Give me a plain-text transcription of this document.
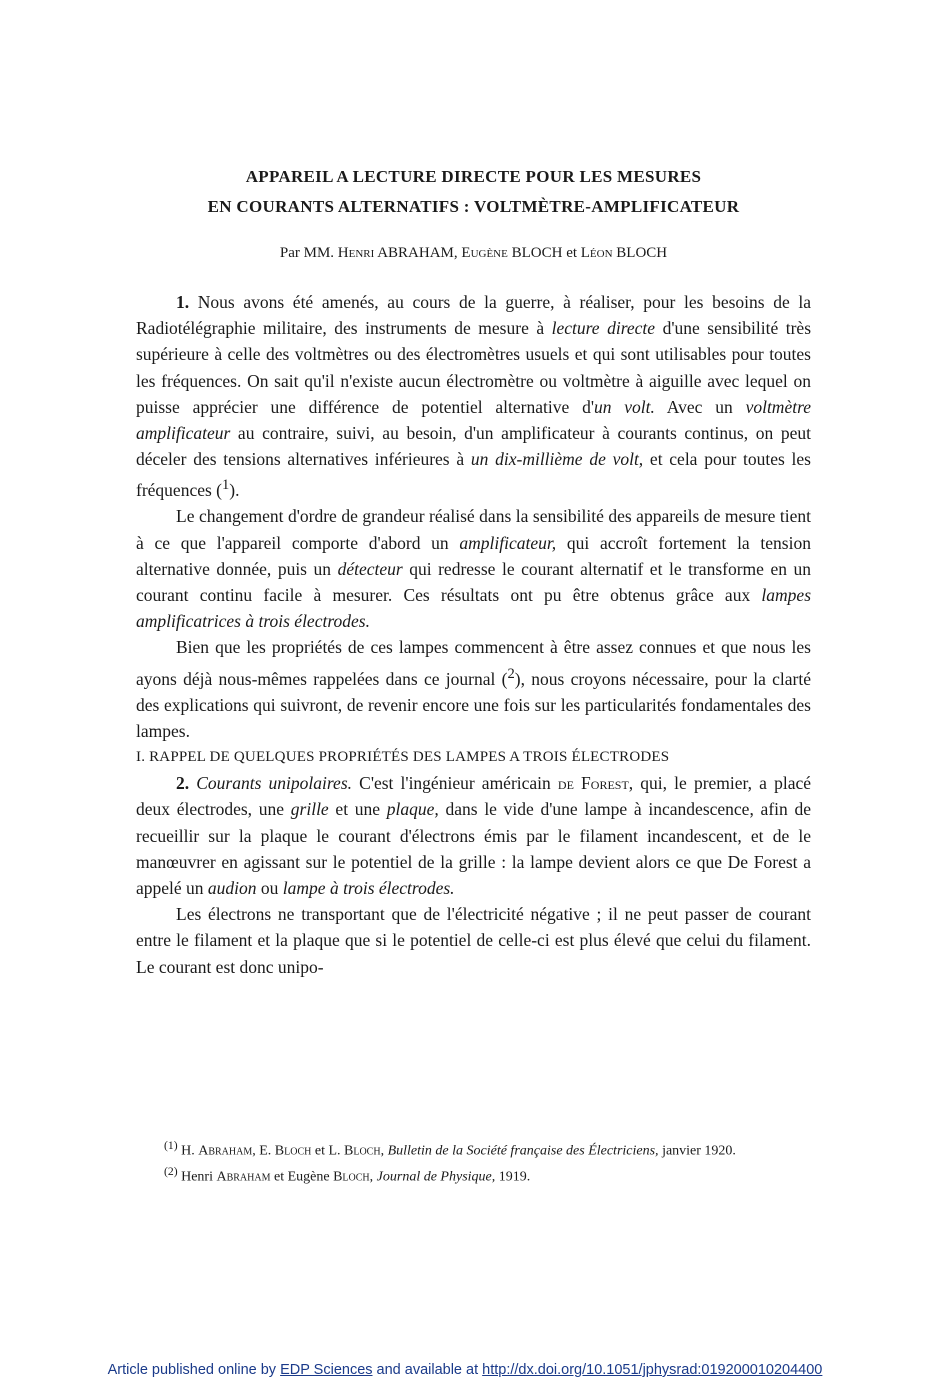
APPAREIL A LECTURE DIRECTE POUR LES MESURES
EN COURANTS ALTERNATIFS : VOLTMÈTRE-AMPLIFICATEUR
Par MM. Henri ABRAHAM, Eugène BLOCH et Léon BLOCH

1. Nous avons été amenés, au cours de la guerre, à réaliser, pour les besoins de la Radiotélégraphie militaire, des instruments de mesure à lecture directe d'une sensibilité très supérieure à celle des voltmètres ou des électromètres usuels et qui sont utilisables pour toutes les fréquences. On sait qu'il n'existe aucun électromètre ou voltmètre à aiguille avec lequel on puisse apprécier une différence de potentiel alternative d'un volt. Avec un voltmètre amplificateur au contraire, suivi, au besoin, d'un amplificateur à courants continus, on peut déceler des tensions alternatives inférieures à un dix-millième de volt, et cela pour toutes les fréquences ($^1$).

Le changement d'ordre de grandeur réalisé dans la sensibilité des appareils de mesure tient à ce que l'appareil comporte d'abord un amplificateur, qui accroît fortement la tension alternative donnée, puis un détecteur qui redresse le courant alternatif et le transforme en un courant continu facile à mesurer. Ces résultats ont pu être obtenus grâce aux lampes amplificatrices à trois électrodes.

Bien que les propriétés de ces lampes commencent à être assez connues et que nous les ayons déjà nous-mêmes rappelées dans ce journal ($^2$), nous croyons nécessaire, pour la clarté des explications qui suivront, de revenir encore une fois sur les particularités fondamentales des lampes.

I. RAPPEL DE QUELQUES PROPRIÉTÉS DES LAMPES A TROIS ÉLECTRODES

2. Courants unipolaires. C'est l'ingénieur américain de Forest, qui, le premier, a placé deux électrodes, une grille et une plaque, dans le vide d'une lampe à incandescence, afin de recueillir sur la plaque le courant d'électrons émis par le filament incandescent, et de le manœuvrer en agissant sur le potentiel de la grille : la lampe devient alors ce que De Forest a appelé un audion ou lampe à trois électrodes.

Les électrons ne transportant que de l'électricité négative ; il ne peut passer de courant entre le filament et la plaque que si le potentiel de celle-ci est plus élevé que celui du filament. Le courant est donc unipo-

$^{(1)}$ H. Abraham, E. Bloch et L. Bloch, Bulletin de la Société française des Électriciens, janvier 1920.

$^{(2)}$ Henri Abraham et Eugène Bloch, Journal de Physique, 1919.

Article published online by EDP Sciences and available at http://dx.doi.org/10.1051/jphysrad:019200010204400
